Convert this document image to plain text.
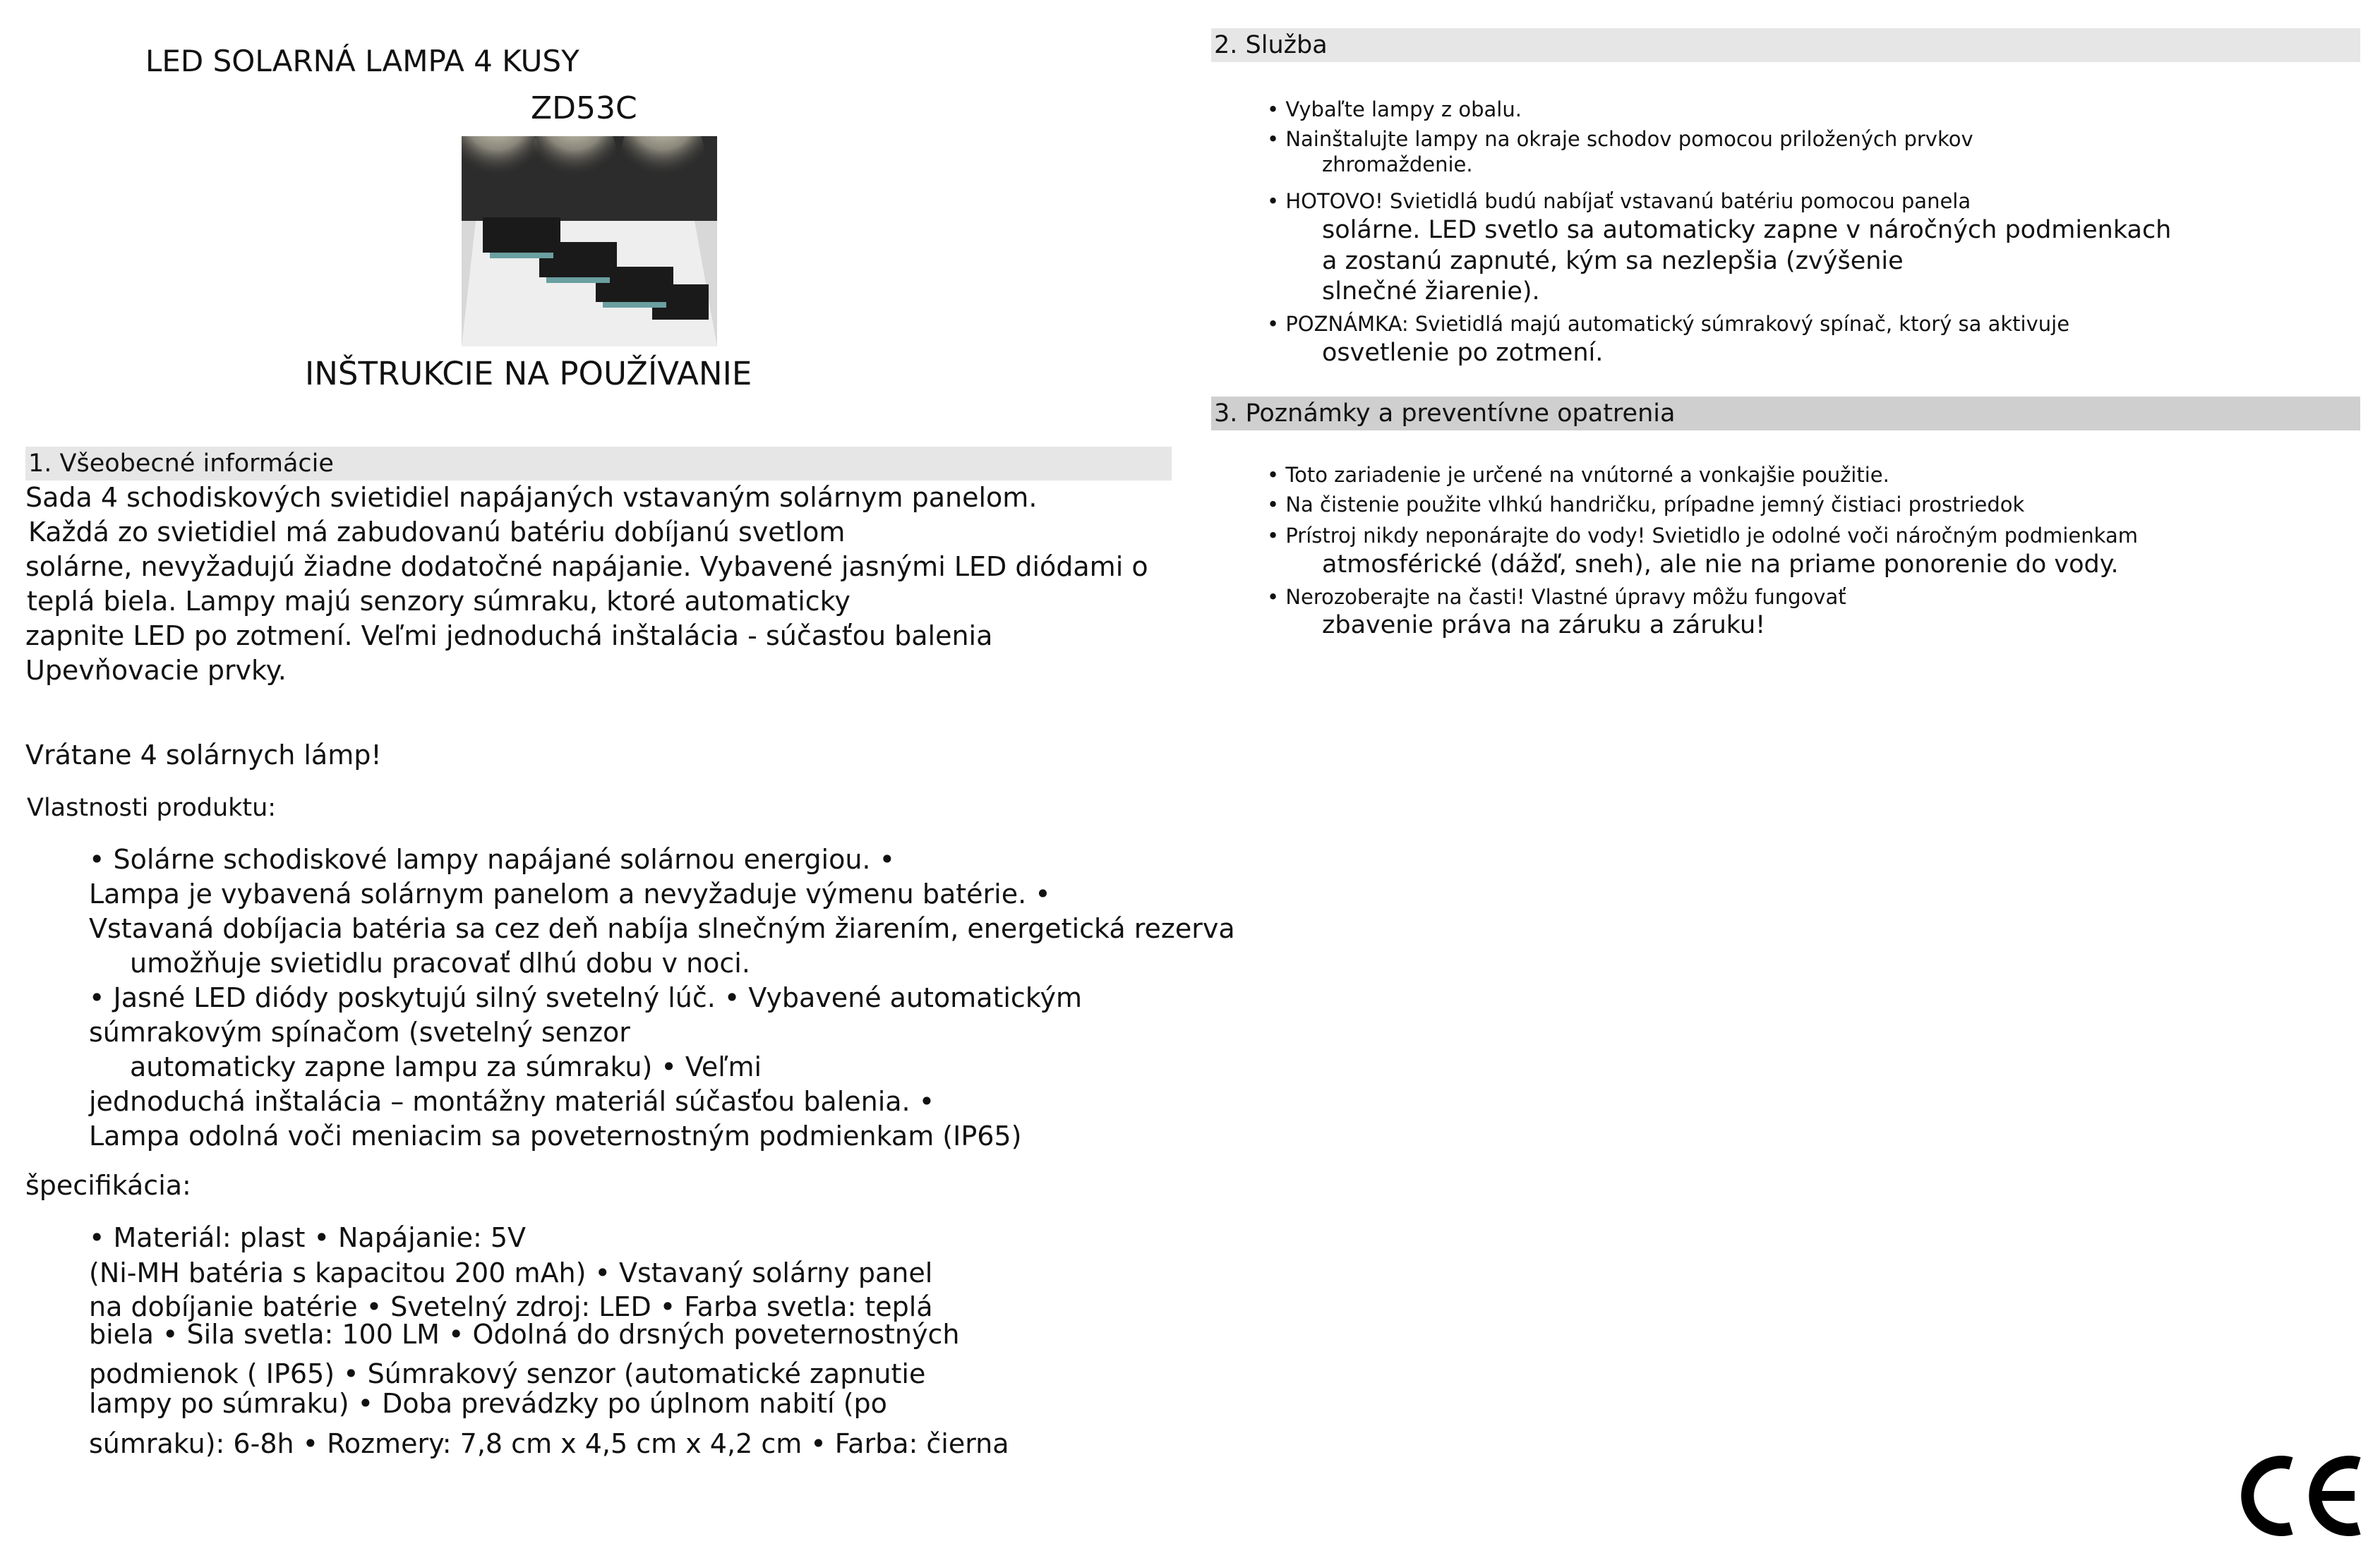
LED SOLARNÁ LAMPA 4 KUSY
ZD53C
INŠTRUKCIE NA POUŽÍVANIE
1. Všeobecné informácie
Sada 4 schodiskových svietidiel napájaných vstavaným solárnym panelom.
Každá zo svietidiel má zabudovanú batériu dobíjanú svetlom
solárne, nevyžadujú žiadne dodatočné napájanie. Vybavené jasnými LED diódami o
teplá biela. Lampy majú senzory súmraku, ktoré automaticky
zapnite LED po zotmení. Veľmi jednoduchá inštalácia - súčasťou balenia
Upevňovacie prvky.
Vrátane 4 solárnych lámp!
Vlastnosti produktu:
• Solárne schodiskové lampy napájané solárnou energiou. •
Lampa je vybavená solárnym panelom a nevyžaduje výmenu batérie. •
Vstavaná dobíjacia batéria sa cez deň nabíja slnečným žiarením, energetická rezerva
umožňuje svietidlu pracovať dlhú dobu v noci.
• Jasné LED diódy poskytujú silný svetelný lúč. • Vybavené automatickým
súmrakovým spínačom (svetelný senzor
automaticky zapne lampu za súmraku) • Veľmi
jednoduchá inštalácia – montážny materiál súčasťou balenia. •
Lampa odolná voči meniacim sa poveternostným podmienkam (IP65)
špecifikácia:
• Materiál: plast • Napájanie: 5V
(Ni-MH batéria s kapacitou 200 mAh) • Vstavaný solárny panel
na dobíjanie batérie • Svetelný zdroj: LED • Farba svetla: teplá
biela • Sila svetla: 100 LM • Odolná do drsných poveternostných
podmienok ( IP65) • Súmrakový senzor (automatické zapnutie
lampy po súmraku) • Doba prevádzky po úplnom nabití (po
súmraku): 6-8h • Rozmery: 7,8 cm x 4,5 cm x 4,2 cm • Farba: čierna
2. Služba
• Vybaľte lampy z obalu.
• Nainštalujte lampy na okraje schodov pomocou priložených prvkov
zhromaždenie.
• HOTOVO! Svietidlá budú nabíjať vstavanú batériu pomocou panela
solárne. LED svetlo sa automaticky zapne v náročných podmienkach
a zostanú zapnuté, kým sa nezlepšia (zvýšenie
slnečné žiarenie).
• POZNÁMKA: Svietidlá majú automatický súmrakový spínač, ktorý sa aktivuje
osvetlenie po zotmení.
3. Poznámky a preventívne opatrenia
• Toto zariadenie je určené na vnútorné a vonkajšie použitie.
• Na čistenie použite vlhkú handričku, prípadne jemný čistiaci prostriedok
• Prístroj nikdy neponárajte do vody! Svietidlo je odolné voči náročným podmienkam
atmosférické (dážď, sneh), ale nie na priame ponorenie do vody.
• Nerozoberajte na časti! Vlastné úpravy môžu fungovať
zbavenie práva na záruku a záruku!
